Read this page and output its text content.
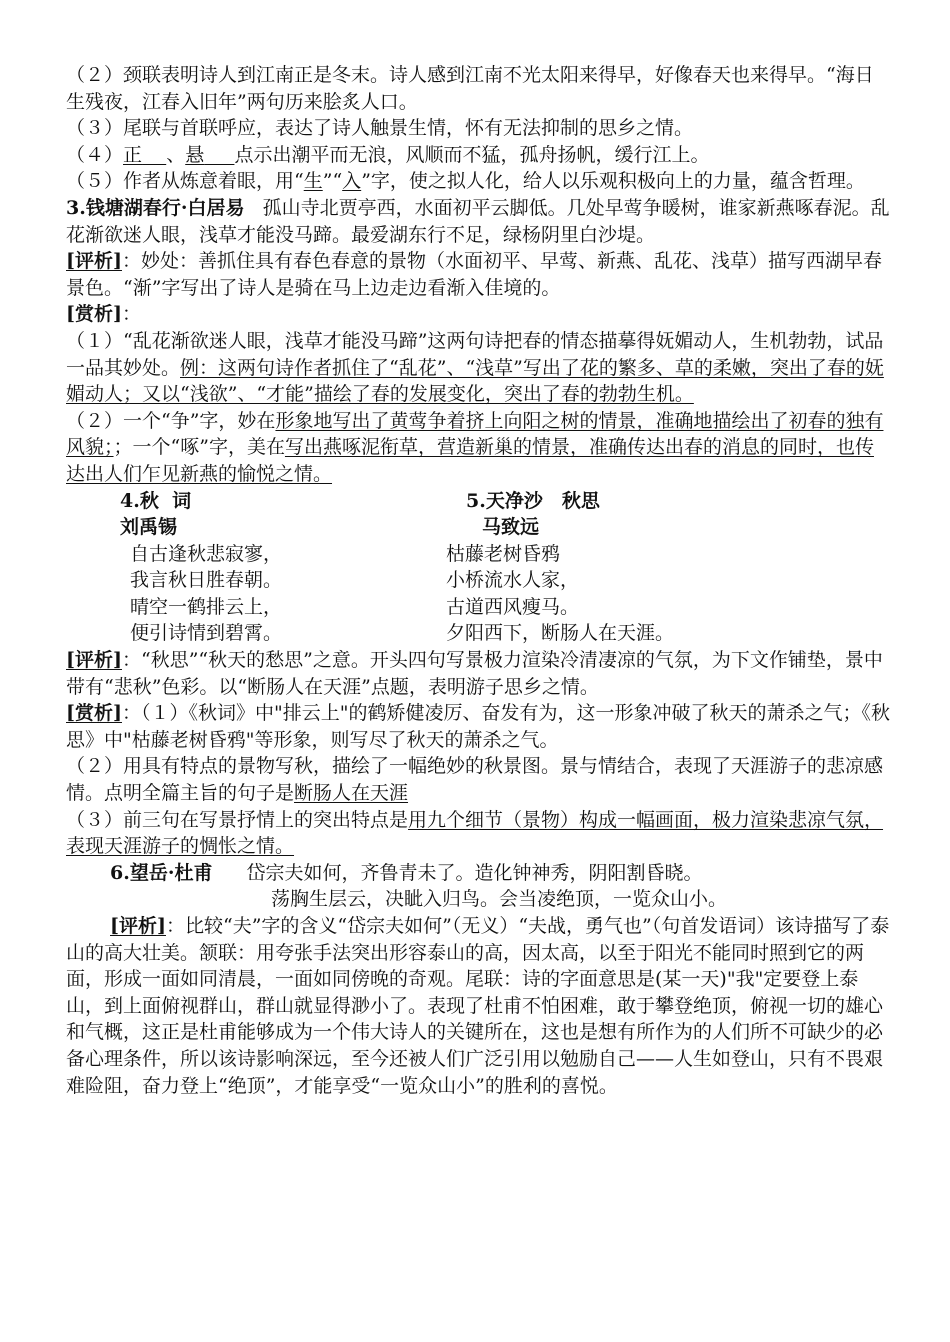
（２）颈联表明诗人到江南正是冬末。诗人感到江南不光太阳来得早，好像春天也来得早。“海日生残夜，江春入旧年”两句历来脍炙人口。

（３）尾联与首联呼应，表达了诗人触景生情，怀有无法抑制的思乡之情。

（４）正 、悬 点示出潮平而无浪，风顺而不猛，孤舟扬帆，缓行江上。

（５）作者从炼意着眼，用“生”“入”字，使之拟人化，给人以乐观积极向上的力量，蕴含哲理。

3.钱塘湖春行·白居易 孤山寺北贾亭西，水面初平云脚低。几处早莺争暖树，谁家新燕啄春泥。乱花渐欲迷人眼，浅草才能没马蹄。最爱湖东行不足，绿杨阴里白沙堤。

[评析]：妙处：善抓住具有春色春意的景物（水面初平、早莺、新燕、乱花、浅草）描写西湖早春景色。“渐”字写出了诗人是骑在马上边走边看渐入佳境的。

[赏析]：

（１）“乱花渐欲迷人眼，浅草才能没马蹄”这两句诗把春的情态描摹得妩媚动人，生机勃勃，试品一品其妙处。例：这两句诗作者抓住了“乱花”、“浅草”写出了花的繁多、草的柔嫩，突出了春的妩媚动人；又以“浅欲”、“才能”描绘了春的发展变化，突出了春的勃勃生机。

（２）一个“争”字，妙在形象地写出了黄莺争着挤上向阳之树的情景，准确地描绘出了初春的独有风貌；；一个“啄”字，美在写出燕啄泥衔草，营造新巢的情景，准确传达出春的消息的同时，也传达出人们乍见新燕的愉悦之情。

4.秋  词

刘禹锡

自古逢秋悲寂寥，

我言秋日胜春朝。

晴空一鹤排云上，

便引诗情到碧霄。

5.天净沙　秋思

马致远

枯藤老树昏鸦

小桥流水人家，

古道西风瘦马。

夕阳西下，断肠人在天涯。

[评析]：“秋思”“秋天的愁思”之意。开头四句写景极力渲染冷清凄凉的气氛，为下文作铺垫，景中带有“悲秋”色彩。以“断肠人在天涯”点题，表明游子思乡之情。

[赏析]：（１）《秋词》中"排云上"的鹤矫健凌厉、奋发有为，这一形象冲破了秋天的萧杀之气；《秋思》中"枯藤老树昏鸦"等形象，则写尽了秋天的萧杀之气。

（２）用具有特点的景物写秋，描绘了一幅绝妙的秋景图。景与情结合，表现了天涯游子的悲凉感情。点明全篇主旨的句子是断肠人在天涯

（３）前三句在写景抒情上的突出特点是用九个细节（景物）构成一幅画面，极力渲染悲凉气氛，表现天涯游子的惆怅之情。

6.望岳·杜甫 岱宗夫如何，齐鲁青未了。造化钟神秀，阴阳割昏晓。

荡胸生层云，决眦入归鸟。会当凌绝顶，一览众山小。

[评析]：比较“夫”字的含义“岱宗夫如何”（无义）“夫战，勇气也”（句首发语词）该诗描写了泰山的高大壮美。颔联：用夸张手法突出形容泰山的高，因太高，以至于阳光不能同时照到它的两面，形成一面如同清晨，一面如同傍晚的奇观。尾联：诗的字面意思是(某一天)"我"定要登上泰山，到上面俯视群山，群山就显得渺小了。表现了杜甫不怕困难，敢于攀登绝顶，俯视一切的雄心和气概，这正是杜甫能够成为一个伟大诗人的关键所在，这也是想有所作为的人们所不可缺少的必备心理条件，所以该诗影响深远，至今还被人们广泛引用以勉励自己——人生如登山，只有不畏艰难险阻，奋力登上“绝顶”，才能享受“一览众山小”的胜利的喜悦。
